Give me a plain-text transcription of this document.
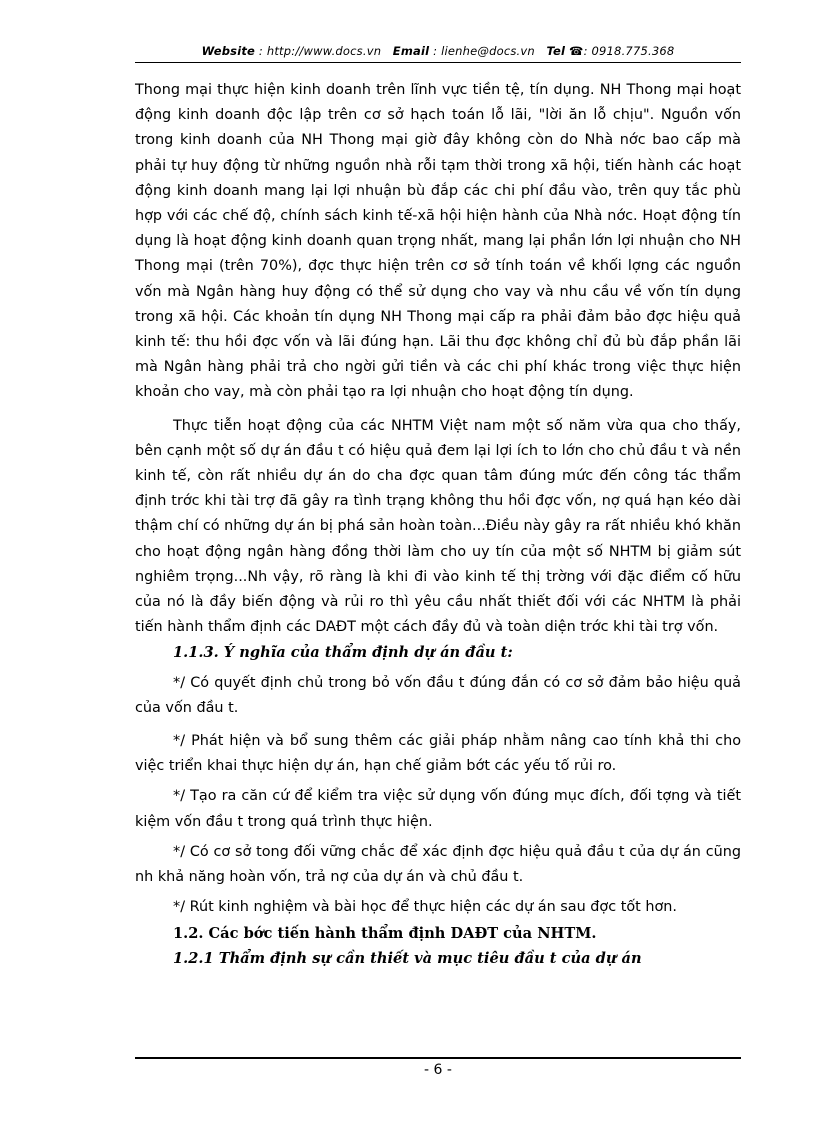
Website : http://www.docs.vn Email : lienhe@docs.vn Tel ☎: 0918.775.368

Thong mại thực hiện kinh doanh trên lĩnh vực tiền tệ, tín dụng. NH Thong mại hoạt động kinh doanh độc lập trên cơ sở hạch toán lỗ lãi, "lời ăn lỗ chịu". Nguồn vốn trong kinh doanh của NH Thong mại giờ đây không còn do Nhà nớc bao cấp mà phải tự huy động từ những nguồn nhà rỗi tạm thời trong xã hội, tiến hành các hoạt động kinh doanh mang lại lợi nhuận bù đắp các chi phí đầu vào, trên quy tắc phù hợp với các chế độ, chính sách kinh tế-xã hội hiện hành của Nhà nớc. Hoạt động tín dụng là hoạt động kinh doanh quan trọng nhất, mang lại phần lớn lợi nhuận cho NH Thong mại (trên 70%), đợc thực hiện trên cơ sở tính toán về khối lợng các nguồn vốn mà Ngân hàng huy động có thể sử dụng cho vay và nhu cầu về vốn tín dụng trong xã hội. Các khoản tín dụng NH Thong mại cấp ra phải đảm bảo đợc hiệu quả kinh tế: thu hồi đợc vốn và lãi đúng hạn. Lãi thu đợc không chỉ đủ bù đắp phần lãi mà Ngân hàng phải trả cho ngời gửi tiền và các chi phí khác trong việc thực hiện khoản cho vay, mà còn phải tạo ra lợi nhuận cho hoạt động tín dụng.

Thực tiễn hoạt động của các NHTM Việt nam một số năm vừa qua cho thấy, bên cạnh một số dự án đầu t có hiệu quả đem lại lợi ích to lớn cho chủ đầu t và nền kinh tế, còn rất nhiều dự án do cha đợc quan tâm đúng mức đến công tác thẩm định trớc khi tài trợ đã gây ra tình trạng không thu hồi đợc vốn, nợ quá hạn kéo dài thậm chí có những dự án bị phá sản hoàn toàn...Điều này gây ra rất nhiều khó khăn cho hoạt động ngân hàng đồng thời làm cho uy tín của một số NHTM bị giảm sút nghiêm trọng...Nh vậy, rõ ràng là khi đi vào kinh tế thị trờng với đặc điểm cố hữu của nó là đầy biến động và rủi ro thì yêu cầu nhất thiết đối với các NHTM là phải tiến hành thẩm định các DAĐT một cách đầy đủ và toàn diện trớc khi tài trợ vốn.

1.1.3. Ý nghĩa của thẩm định dự án đầu t:

*/ Có quyết định chủ trong bỏ vốn đầu t đúng đắn có cơ sở đảm bảo hiệu quả của vốn đầu t.

*/ Phát hiện và bổ sung thêm các giải pháp nhằm nâng cao tính khả thi cho việc triển khai thực hiện dự án, hạn chế giảm bớt các yếu tố rủi ro.

*/ Tạo ra căn cứ để kiểm tra việc sử dụng vốn đúng mục đích, đối tợng và tiết kiệm vốn đầu t trong quá trình thực hiện.

*/ Có cơ sở tong đối vững chắc để xác định đợc hiệu quả đầu t của dự án cũng nh khả năng hoàn vốn, trả nợ của dự án và chủ đầu t.

*/ Rút kinh nghiệm và bài học để thực hiện các dự án sau đợc tốt hơn.

1.2. Các bớc tiến hành thẩm định DAĐT của NHTM.

1.2.1 Thẩm định sự cần thiết và mục tiêu đầu t của dự án

- 6 -
